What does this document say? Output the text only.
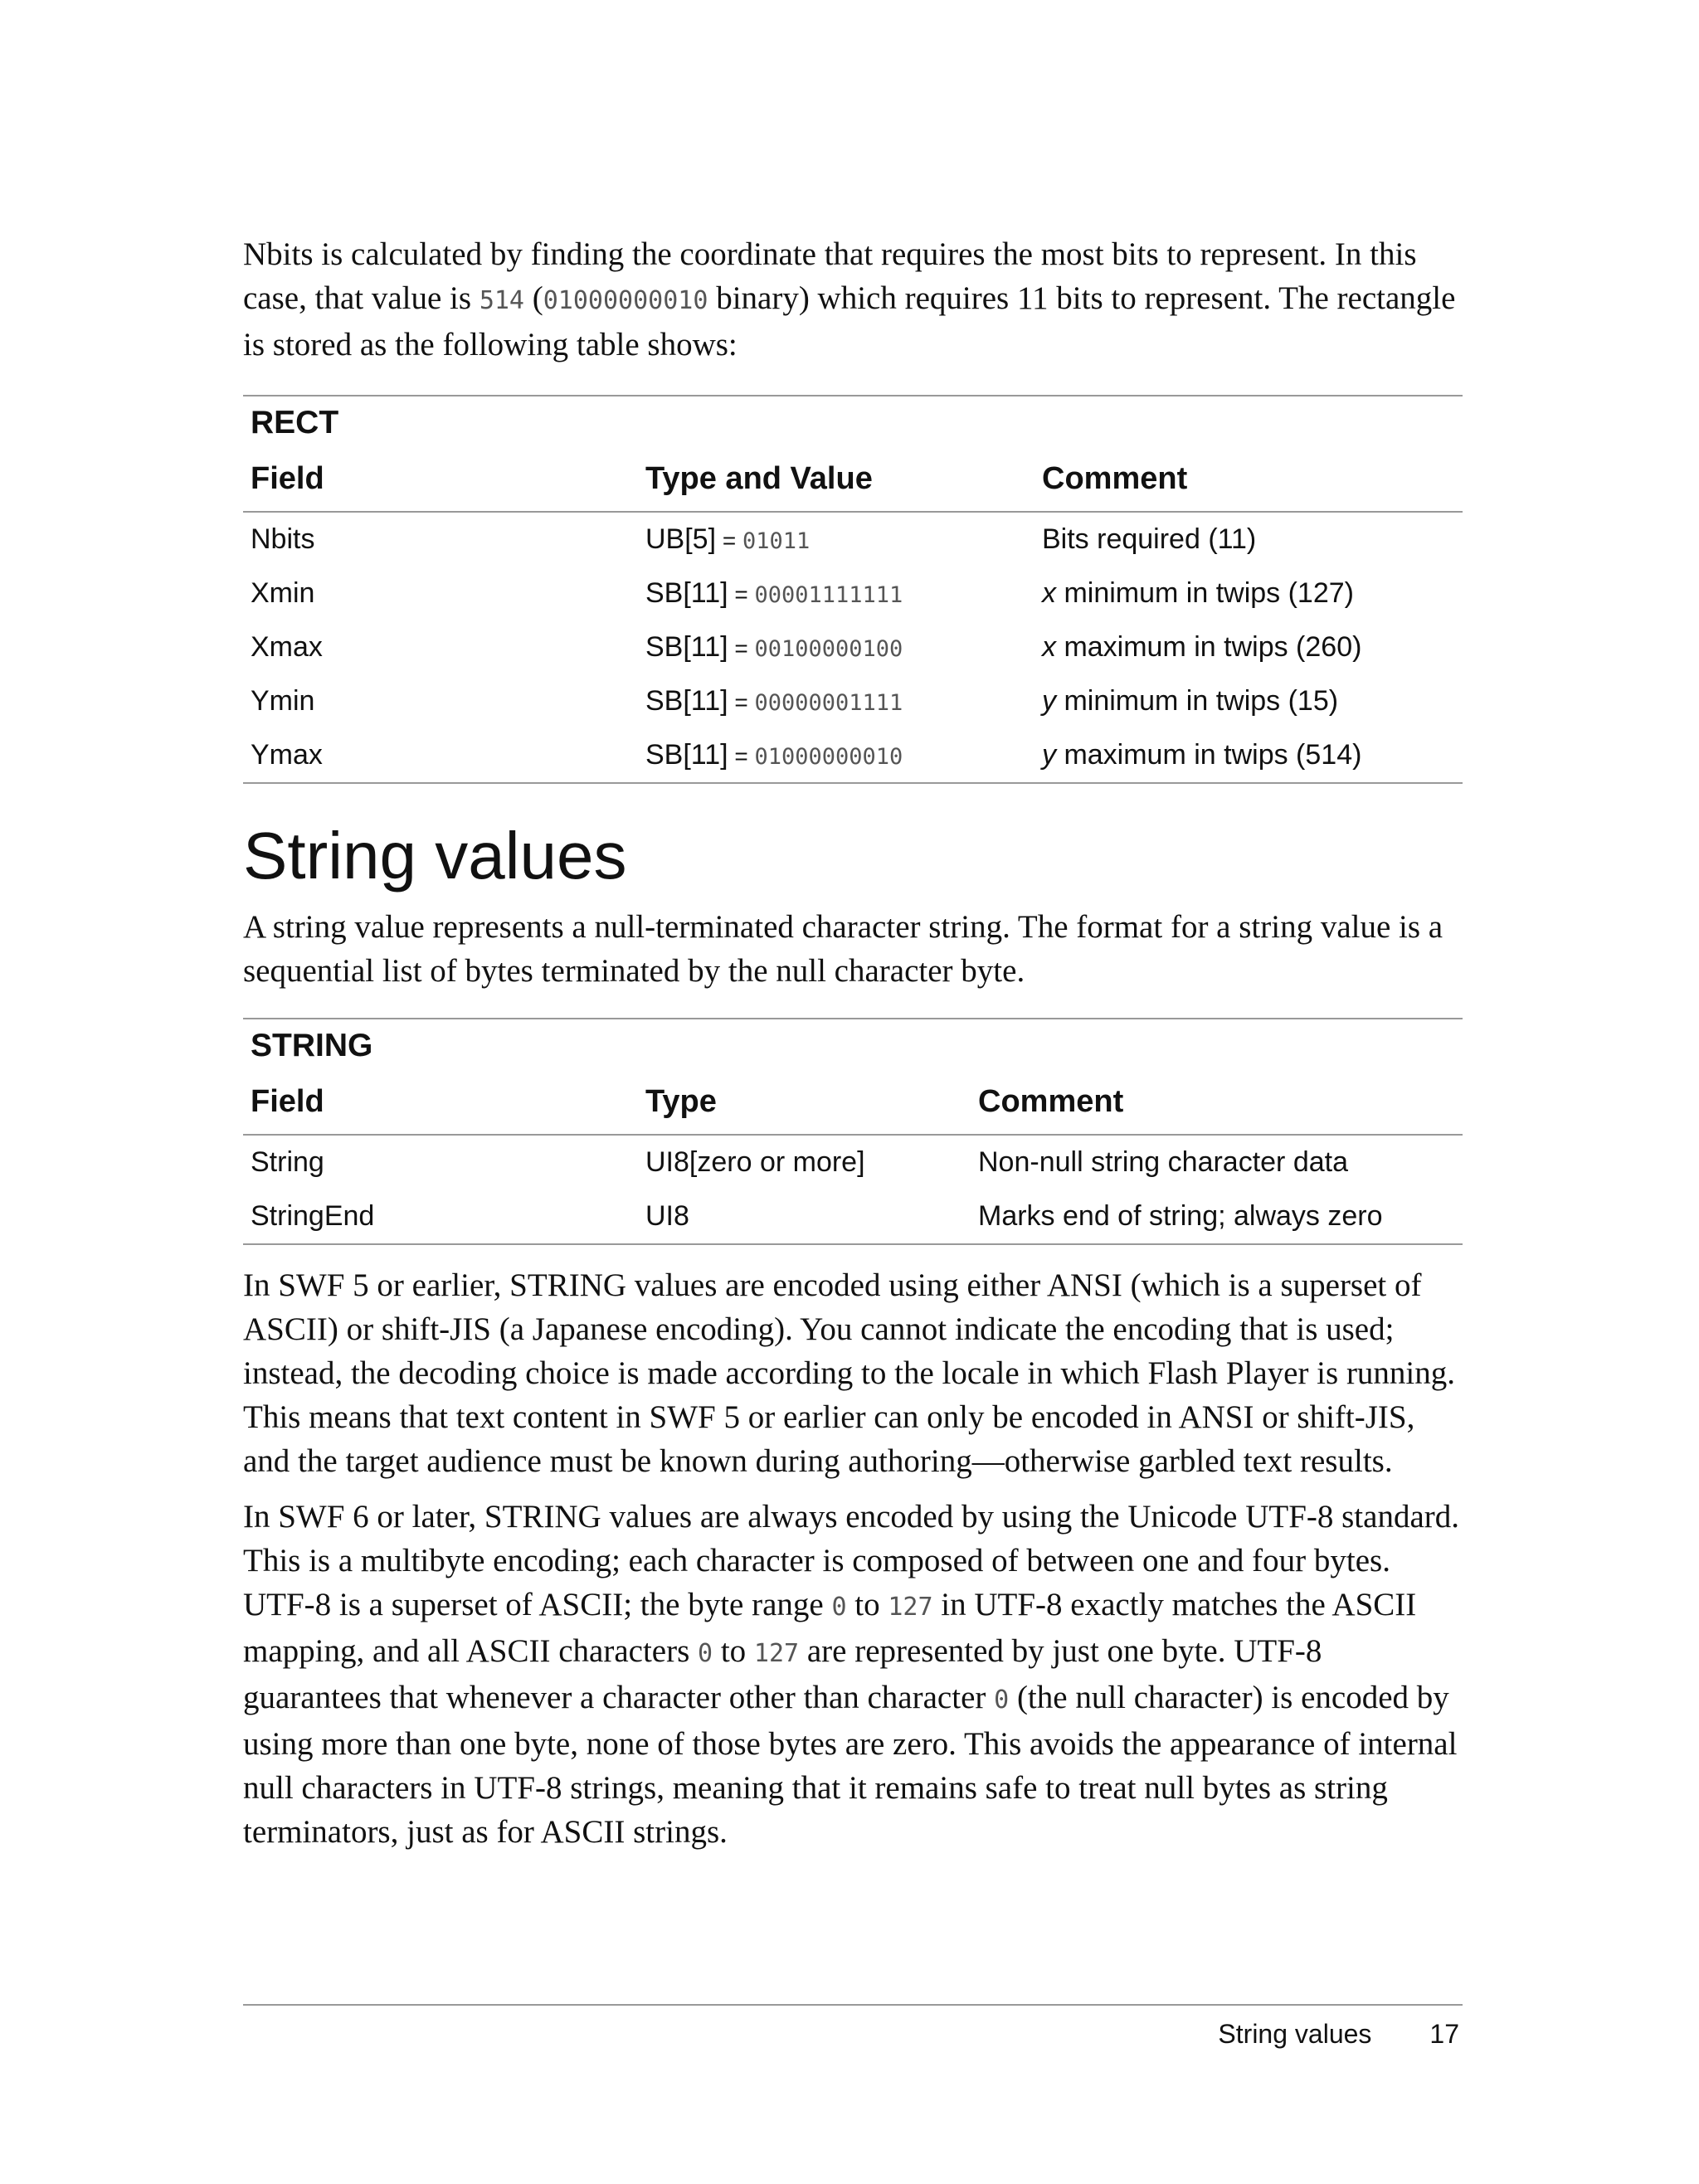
Nbits is calculated by finding the coordinate that requires the most bits to represent. In this case, that value is 514 (01000000010 binary) which requires 11 bits to represent. The rectangle is stored as the following table shows:

RECT
Field	Type and Value	Comment
Nbits	UB[5] = 01011	Bits required (11)
Xmin	SB[11] = 00001111111	x minimum in twips (127)
Xmax	SB[11] = 00100000100	x maximum in twips (260)
Ymin	SB[11] = 00000001111	y minimum in twips (15)
Ymax	SB[11] = 01000000010	y maximum in twips (514)
String values

A string value represents a null-terminated character string. The format for a string value is a sequential list of bytes terminated by the null character byte.

STRING
Field	Type	Comment
String	UI8[zero or more]	Non-null string character data
StringEnd	UI8	Marks end of string; always zero

In SWF 5 or earlier, STRING values are encoded using either ANSI (which is a superset of ASCII) or shift-JIS (a Japanese encoding). You cannot indicate the encoding that is used; instead, the decoding choice is made according to the locale in which Flash Player is running. This means that text content in SWF 5 or earlier can only be encoded in ANSI or shift-JIS, and the target audience must be known during authoring—otherwise garbled text results.

In SWF 6 or later, STRING values are always encoded by using the Unicode UTF-8 standard. This is a multibyte encoding; each character is composed of between one and four bytes. UTF-8 is a superset of ASCII; the byte range 0 to 127 in UTF-8 exactly matches the ASCII mapping, and all ASCII characters 0 to 127 are represented by just one byte. UTF-8 guarantees that whenever a character other than character 0 (the null character) is encoded by using more than one byte, none of those bytes are zero. This avoids the appearance of internal null characters in UTF-8 strings, meaning that it remains safe to treat null bytes as string terminators, just as for ASCII strings.

String values 17
